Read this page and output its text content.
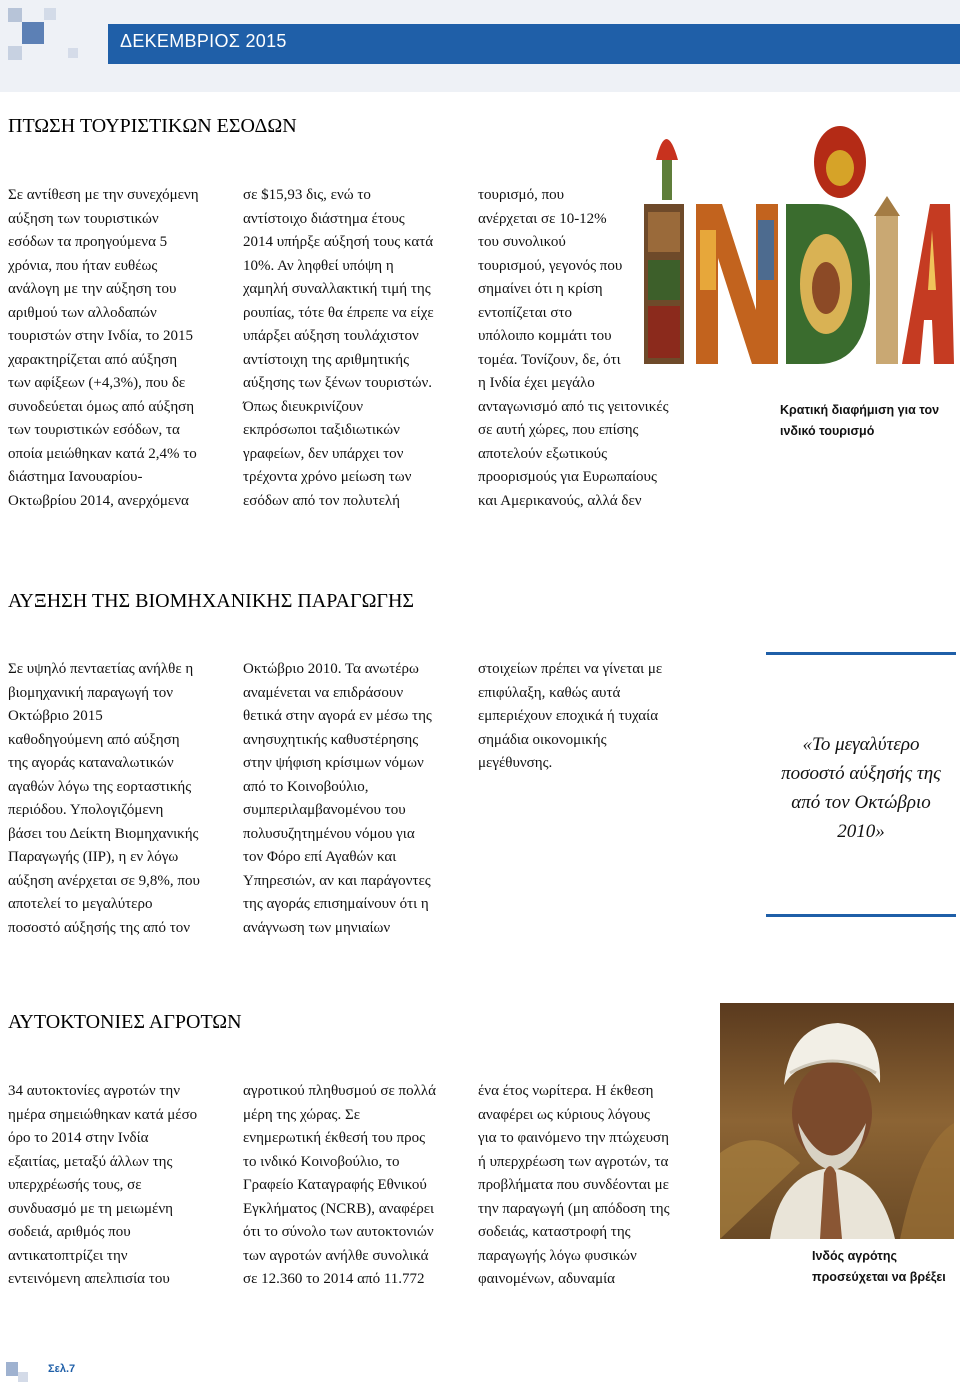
ΔΕΚΕΜΒΡΙΟΣ 2015
ΠΤΩΣΗ ΤΟΥΡΙΣΤΙΚΩΝ ΕΣΟΔΩΝ
Σε αντίθεση με την συνεχόμενη
αύξηση των τουριστικών
εσόδων τα προηγούμενα 5
χρόνια, που ήταν ευθέως
ανάλογη με την αύξηση του
αριθμού των αλλοδαπών
τουριστών στην Ινδία, το 2015
χαρακτηρίζεται από αύξηση
των αφίξεων (+4,3%), που δε
συνοδεύεται όμως από αύξηση
των τουριστικών εσόδων, τα
οποία μειώθηκαν κατά 2,4% το
διάστημα Ιανουαρίου-
Οκτωβρίου 2014, ανερχόμενα
σε $15,93 δις, ενώ το
αντίστοιχο διάστημα έτους
2014 υπήρξε αύξησή τους κατά
10%. Αν ληφθεί υπόψη η
χαμηλή συναλλακτική τιμή της
ρουπίας, τότε θα έπρεπε να είχε
υπάρξει αύξηση τουλάχιστον
αντίστοιχη της αριθμητικής
αύξησης των ξένων τουριστών.
Όπως διευκρινίζουν
εκπρόσωποι ταξιδιωτικών
γραφείων, δεν υπάρχει τον
τρέχοντα χρόνο μείωση των
εσόδων από τον πολυτελή
τουρισμό, που
ανέρχεται σε 10-12%
του συνολικού
τουρισμού, γεγονός που
σημαίνει ότι η κρίση
εντοπίζεται στο
υπόλοιπο κομμάτι του
τομέα. Τονίζουν, δε, ότι
η Ινδία έχει μεγάλο
ανταγωνισμό από τις γειτονικές
σε αυτή χώρες, που επίσης
αποτελούν εξωτικούς
προορισμούς για Ευρωπαίους
και Αμερικανούς, αλλά δεν
Κρατική διαφήμιση για τον
ινδικό τουρισμό
ΑΥΞΗΣΗ ΤΗΣ ΒΙΟΜΗΧΑΝΙΚΗΣ ΠΑΡΑΓΩΓΗΣ
Σε υψηλό πενταετίας ανήλθε η
βιομηχανική παραγωγή τον
Οκτώβριο 2015
καθοδηγούμενη από αύξηση
της αγοράς καταναλωτικών
αγαθών λόγω της εορταστικής
περιόδου. Υπολογιζόμενη
βάσει του Δείκτη Βιομηχανικής
Παραγωγής (IIP), η εν λόγω
αύξηση ανέρχεται σε 9,8%, που
αποτελεί το μεγαλύτερο
ποσοστό αύξησής της από τον
Οκτώβριο 2010. Τα ανωτέρω
αναμένεται να επιδράσουν
θετικά στην αγορά εν μέσω της
ανησυχητικής καθυστέρησης
στην ψήφιση κρίσιμων νόμων
από το Κοινοβούλιο,
συμπεριλαμβανομένου του
πολυσυζητημένου νόμου για
τον Φόρο επί Αγαθών και
Υπηρεσιών, αν και παράγοντες
της αγοράς επισημαίνουν ότι η
ανάγνωση των μηνιαίων
στοιχείων πρέπει να γίνεται με
επιφύλαξη, καθώς αυτά
εμπεριέχουν εποχικά ή τυχαία
σημάδια οικονομικής
μεγέθυνσης.
«Το μεγαλύτερο
ποσοστό αύξησής της
από τον Οκτώβριο
2010»
ΑΥΤΟΚΤΟΝΙΕΣ ΑΓΡΟΤΩΝ
34 αυτοκτονίες αγροτών την
ημέρα σημειώθηκαν κατά μέσο
όρο το 2014 στην Ινδία
εξαιτίας, μεταξύ άλλων της
υπερχρέωσής τους, σε
συνδυασμό με τη μειωμένη
σοδειά, αριθμός που
αντικατοπτρίζει την
εντεινόμενη απελπισία του
αγροτικού πληθυσμού σε πολλά
μέρη της χώρας. Σε
ενημερωτική έκθεσή του προς
το ινδικό Κοινοβούλιο, το
Γραφείο Καταγραφής Εθνικού
Εγκλήματος (NCRB), αναφέρει
ότι το σύνολο των αυτοκτονιών
των αγροτών ανήλθε συνολικά
σε 12.360 το 2014 από 11.772
ένα έτος νωρίτερα. Η έκθεση
αναφέρει ως κύριους λόγους
για το φαινόμενο την πτώχευση
ή υπερχρέωση των αγροτών, τα
προβλήματα που συνδέονται με
την παραγωγή (μη απόδοση της
σοδειάς, καταστροφή της
παραγωγής λόγω φυσικών
φαινομένων, αδυναμία
Ινδός αγρότης
προσεύχεται να βρέξει
Σελ.7
